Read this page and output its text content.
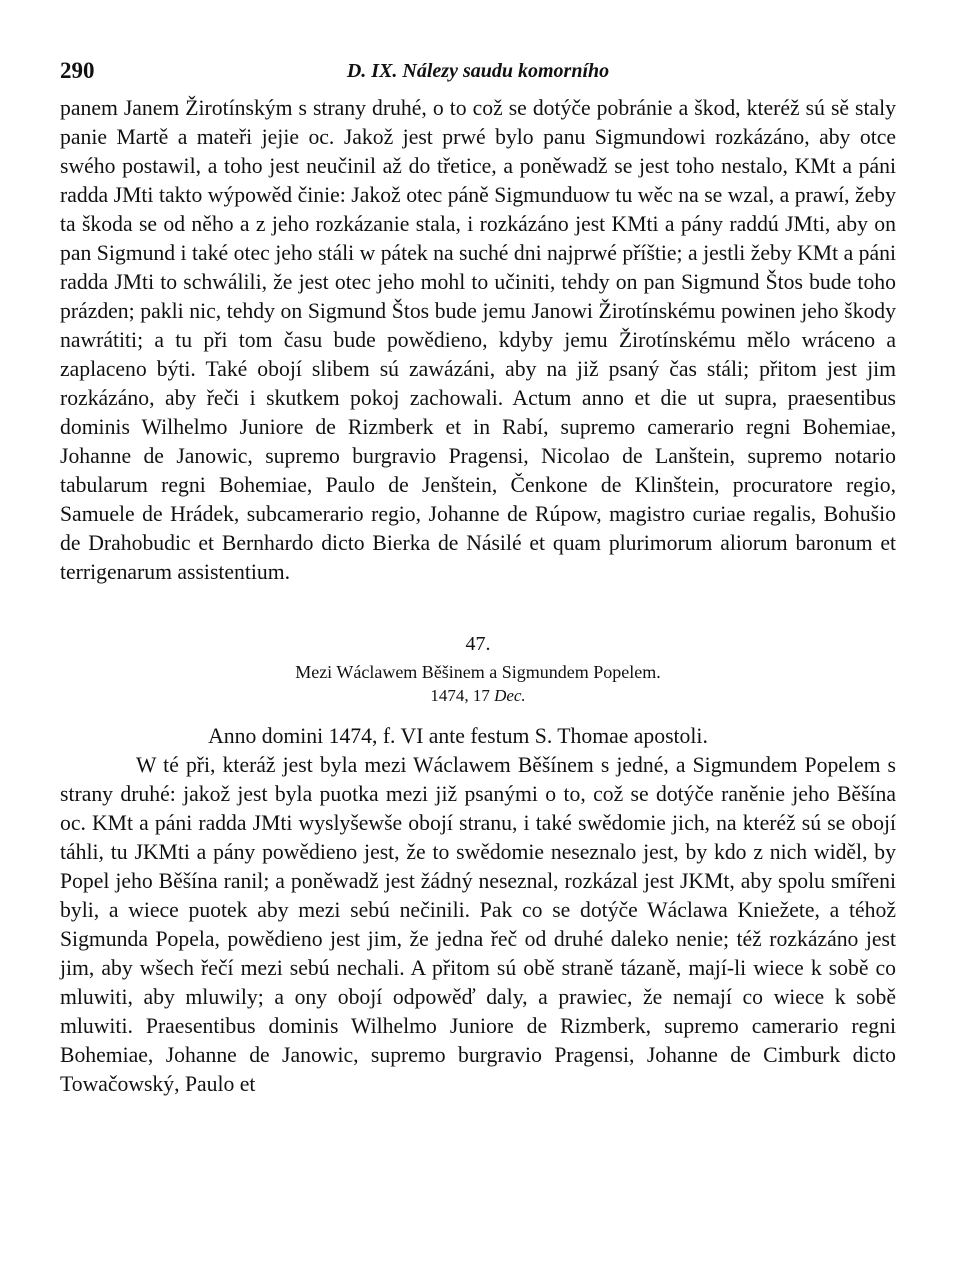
290	D. IX. Nálezy saudu komorního

panem Janem Žirotínským s strany druhé, o to což se dotýče pobránie a škod, kteréž sú sě staly panie Martě a mateři jejie oc. Jakož jest prwé bylo panu Sigmundowi rozkázáno, aby otce swého postawil, a toho jest neučinil až do třetice, a poněwadž se jest toho nestalo, KMt a páni radda JMti takto wýpowěd činie: Jakož otec páně Sigmunduow tu wěc na se wzal, a prawí, žeby ta škoda se od něho a z jeho rozkázanie stala, i rozkázáno jest KMti a pány raddú JMti, aby on pan Sigmund i také otec jeho stáli w pátek na suché dni najprwé příštie; a jestli žeby KMt a páni radda JMti to schwálili, že jest otec jeho mohl to učiniti, tehdy on pan Sigmund Štos bude toho prázden; pakli nic, tehdy on Sigmund Štos bude jemu Janowi Žirotínskému powinen jeho škody nawrátiti; a tu při tom času bude powědieno, kdyby jemu Žirotínskému mělo wráceno a zaplaceno býti. Také obojí slibem sú zawázáni, aby na již psaný čas stáli; přitom jest jim rozkázáno, aby řeči i skutkem pokoj zachowali. Actum anno et die ut supra, praesentibus dominis Wilhelmo Juniore de Rizmberk et in Rabí, supremo camerario regni Bohemiae, Johanne de Janowic, supremo burgravio Pragensi, Nicolao de Lanštein, supremo notario tabularum regni Bohemiae, Paulo de Jenštein, Čenkone de Klinštein, procuratore regio, Samuele de Hrádek, subcamerario regio, Johanne de Rúpow, magistro curiae regalis, Bohušio de Drahobudic et Bernhardo dicto Bierka de Násilé et quam plurimorum aliorum baronum et terrigenarum assistentium.

47.

Mezi Wáclawem Běšinem a Sigmundem Popelem.

1474, 17 Dec.

Anno domini 1474, f. VI ante festum S. Thomae apostoli.

W té při, kteráž jest byla mezi Wáclawem Běšínem s jedné, a Sigmundem Popelem s strany druhé: jakož jest byla puotka mezi již psanými o to, což se dotýče raněnie jeho Běšína oc. KMt a páni radda JMti wyslyšewše obojí stranu, i také swědomie jich, na kteréž sú se obojí táhli, tu JKMti a pány powědieno jest, že to swědomie neseznalo jest, by kdo z nich widěl, by Popel jeho Běšína ranil; a poněwadž jest žádný neseznal, rozkázal jest JKMt, aby spolu smířeni byli, a wiece puotek aby mezi sebú nečinili. Pak co se dotýče Wáclawa Kniežete, a téhož Sigmunda Popela, powědieno jest jim, že jedna řeč od druhé daleko nenie; též rozkázáno jest jim, aby wšech řečí mezi sebú nechali. A přitom sú obě straně tázaně, mají-li wiece k sobě co mluwiti, aby mluwily; a ony obojí odpowěď daly, a prawiec, že nemají co wiece k sobě mluwiti. Praesentibus dominis Wilhelmo Juniore de Rizmberk, supremo camerario regni Bohemiae, Johanne de Janowic, supremo burgravio Pragensi, Johanne de Cimburk dicto Towačowský, Paulo et
